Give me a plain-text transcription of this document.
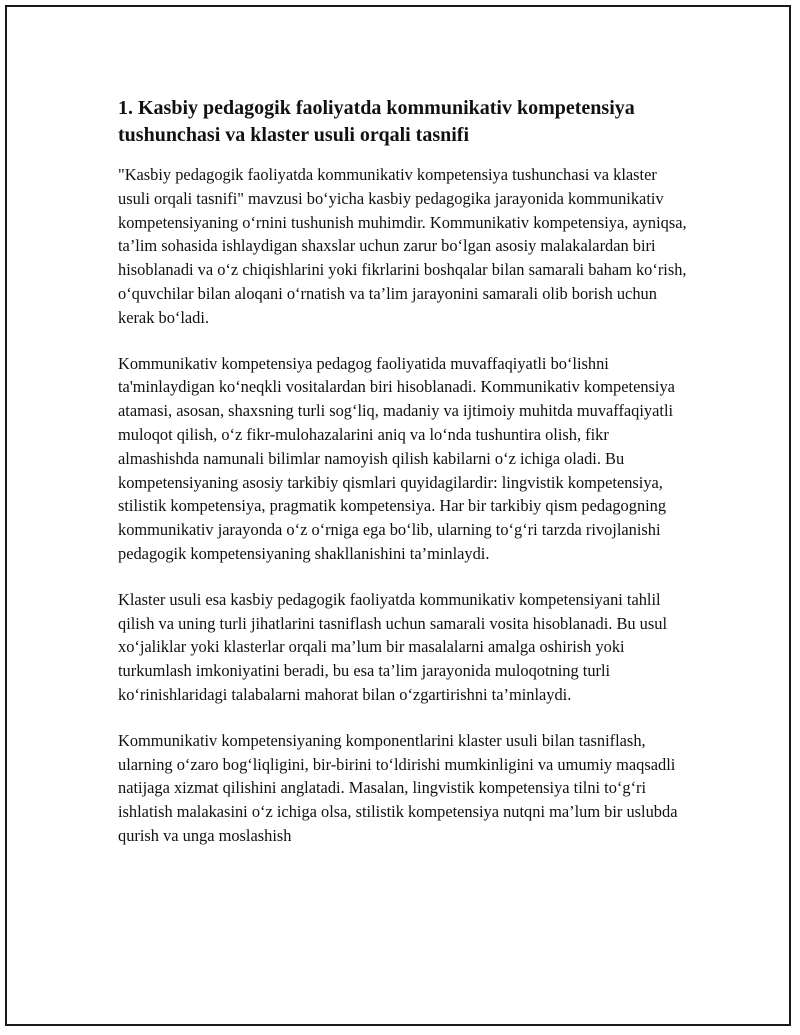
1. Kasbiy pedagogik faoliyatda kommunikativ kompetensiya tushunchasi va klaster usuli orqali tasnifi

"Kasbiy pedagogik faoliyatda kommunikativ kompetensiya tushunchasi va klaster usuli orqali tasnifi" mavzusi boʻyicha kasbiy pedagogika jarayonida kommunikativ kompetensiyaning oʻrnini tushunish muhimdir. Kommunikativ kompetensiya, ayniqsa, ta’lim sohasida ishlaydigan shaxslar uchun zarur boʻlgan asosiy malakalardan biri hisoblanadi va oʻz chiqishlarini yoki fikrlarini boshqalar bilan samarali baham koʻrish, oʻquvchilar bilan aloqani oʻrnatish va ta’lim jarayonini samarali olib borish uchun kerak boʻladi.

Kommunikativ kompetensiya pedagog faoliyatida muvaffaqiyatli boʻlishni ta'minlaydigan koʻneqkli vositalardan biri hisoblanadi. Kommunikativ kompetensiya atamasi, asosan, shaxsning turli sogʻliq, madaniy va ijtimoiy muhitda muvaffaqiyatli muloqot qilish, oʻz fikr-mulohazalarini aniq va loʻnda tushuntira olish, fikr almashishda namunali bilimlar namoyish qilish kabilarni oʻz ichiga oladi. Bu kompetensiyaning asosiy tarkibiy qismlari quyidagilardir: lingvistik kompetensiya, stilistik kompetensiya, pragmatik kompetensiya. Har bir tarkibiy qism pedagogning kommunikativ jarayonda oʻz oʻrniga ega boʻlib, ularning toʻgʻri tarzda rivojlanishi pedagogik kompetensiyaning shakllanishini ta’minlaydi.

Klaster usuli esa kasbiy pedagogik faoliyatda kommunikativ kompetensiyani tahlil qilish va uning turli jihatlarini tasniflash uchun samarali vosita hisoblanadi. Bu usul xoʻjaliklar yoki klasterlar orqali ma’lum bir masalalarni amalga oshirish yoki turkumlash imkoniyatini beradi, bu esa ta’lim jarayonida muloqotning turli koʻrinishlaridagi talabalarni mahorat bilan oʻzgartirishni ta’minlaydi.

Kommunikativ kompetensiyaning komponentlarini klaster usuli bilan tasniflash, ularning oʻzaro bogʻliqligini, bir-birini toʻldirishi mumkinligini va umumiy maqsadli natijaga xizmat qilishini anglatadi. Masalan, lingvistik kompetensiya tilni toʻgʻri ishlatish malakasini oʻz ichiga olsa, stilistik kompetensiya nutqni ma’lum bir uslubda qurish va unga moslashish
